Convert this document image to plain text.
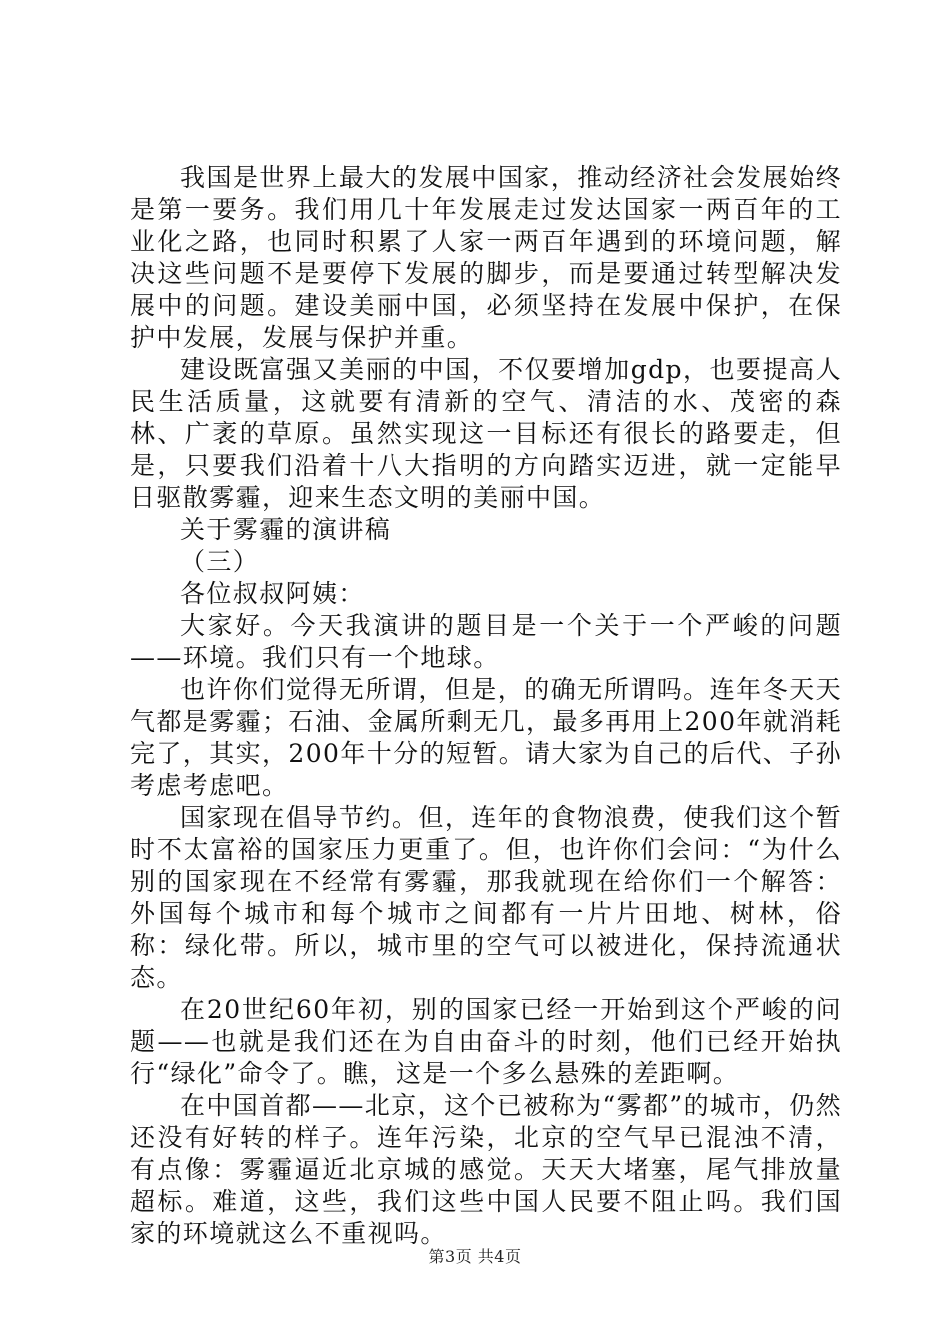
我国是世界上最大的发展中国家，推动经济社会发展始终是第一要务。我们用几十年发展走过发达国家一两百年的工业化之路，也同时积累了人家一两百年遇到的环境问题，解决这些问题不是要停下发展的脚步，而是要通过转型解决发展中的问题。建设美丽中国，必须坚持在发展中保护，在保护中发展，发展与保护并重。

建设既富强又美丽的中国，不仅要增加gdp，也要提高人民生活质量，这就要有清新的空气、清洁的水、茂密的森林、广袤的草原。虽然实现这一目标还有很长的路要走，但是，只要我们沿着十八大指明的方向踏实迈进，就一定能早日驱散雾霾，迎来生态文明的美丽中国。

关于雾霾的演讲稿

（三）

各位叔叔阿姨：

大家好。今天我演讲的题目是一个关于一个严峻的问题——环境。我们只有一个地球。

也许你们觉得无所谓，但是，的确无所谓吗。连年冬天天气都是雾霾；石油、金属所剩无几，最多再用上200年就消耗完了，其实，200年十分的短暂。请大家为自己的后代、子孙考虑考虑吧。

国家现在倡导节约。但，连年的食物浪费，使我们这个暂时不太富裕的国家压力更重了。但，也许你们会问：“为什么别的国家现在不经常有雾霾，那我就现在给你们一个解答：外国每个城市和每个城市之间都有一片片田地、树林，俗称：绿化带。所以，城市里的空气可以被进化，保持流通状态。

在20世纪60年初，别的国家已经一开始到这个严峻的问题——也就是我们还在为自由奋斗的时刻，他们已经开始执行“绿化”命令了。瞧，这是一个多么悬殊的差距啊。

在中国首都——北京，这个已被称为“雾都”的城市，仍然还没有好转的样子。连年污染，北京的空气早已混浊不清，有点像：雾霾逼近北京城的感觉。天天大堵塞，尾气排放量超标。难道，这些，我们这些中国人民要不阻止吗。我们国家的环境就这么不重视吗。

第3页 共4页
